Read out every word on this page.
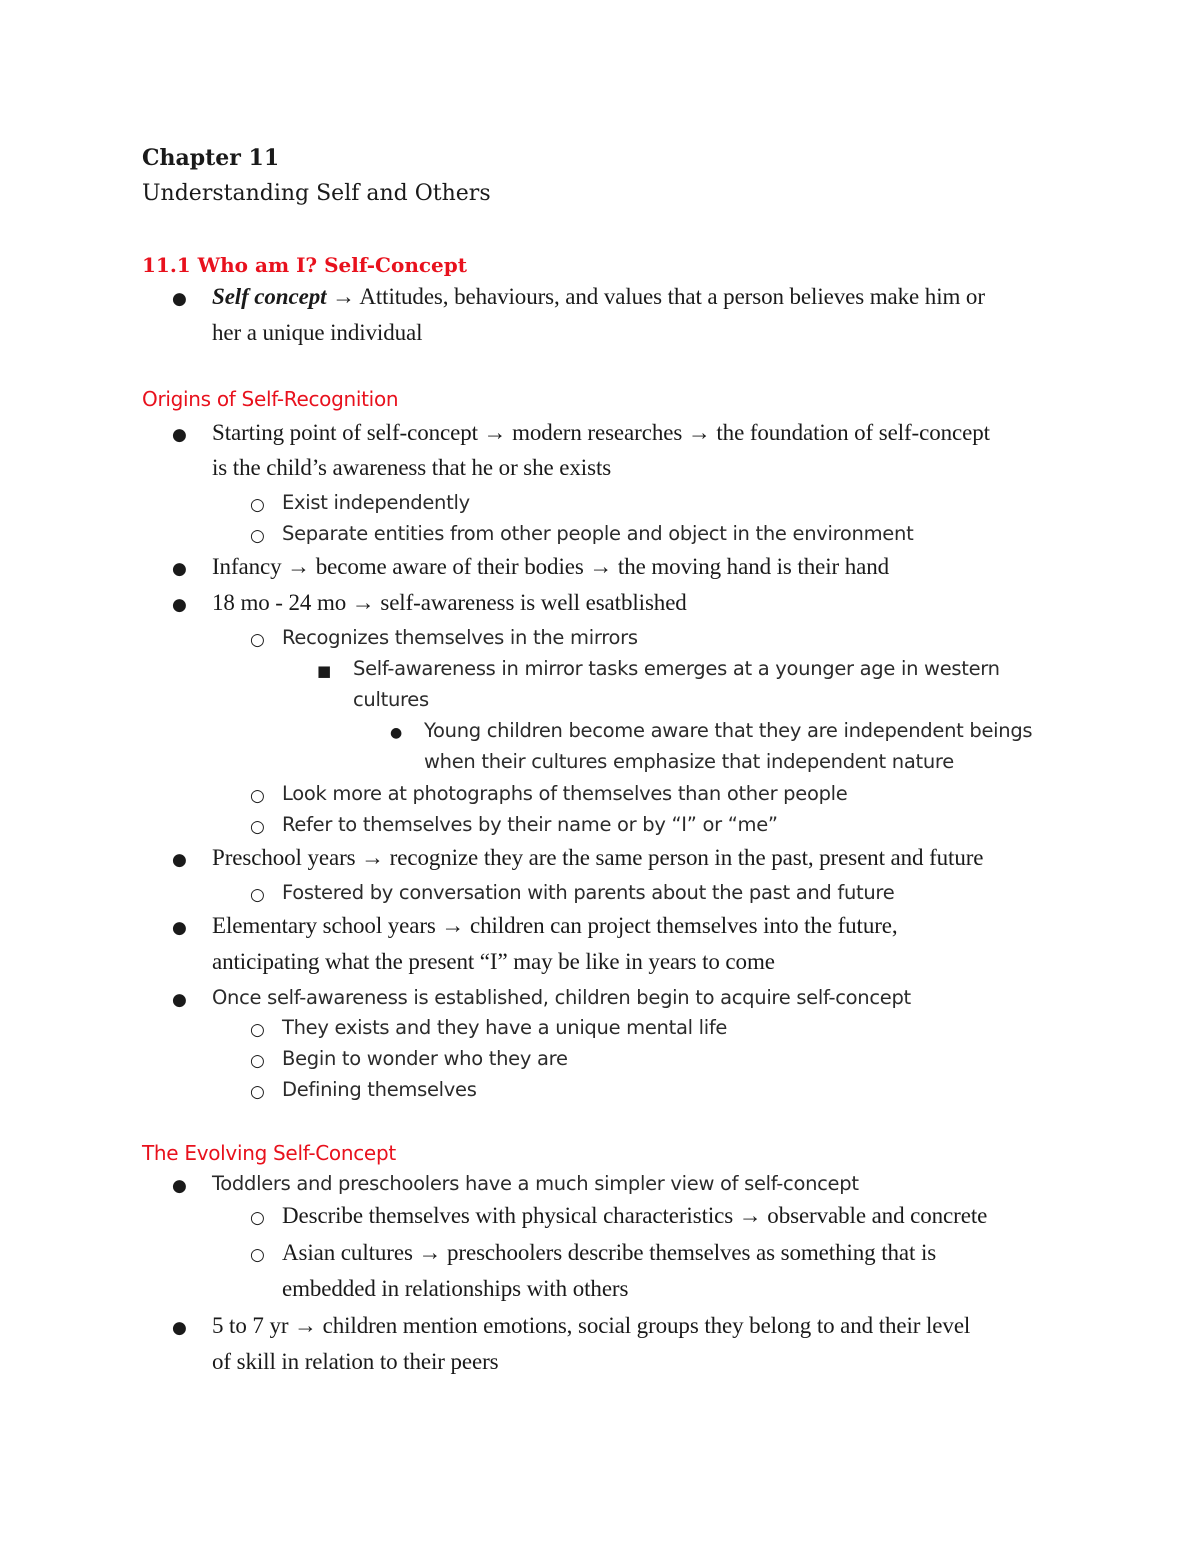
Chapter 11
Understanding Self and Others
11.1 Who am I? Self-Concept
● Self concept → Attitudes, behaviours, and values that a person believes make him or
her a unique individual
Origins of Self-Recognition
● Starting point of self-concept → modern researches → the foundation of self-concept
is the child’s awareness that he or she exists
○ Exist independently
○ Separate entities from other people and object in the environment
● Infancy → become aware of their bodies → the moving hand is their hand
● 18 mo - 24 mo → self-awareness is well esatblished
○ Recognizes themselves in the mirrors
■ Self-awareness in mirror tasks emerges at a younger age in western
cultures
● Young children become aware that they are independent beings
when their cultures emphasize that independent nature
○ Look more at photographs of themselves than other people
○ Refer to themselves by their name or by “I” or “me”
● Preschool years → recognize they are the same person in the past, present and future
○ Fostered by conversation with parents about the past and future
● Elementary school years → children can project themselves into the future,
anticipating what the present “I” may be like in years to come
● Once self-awareness is established, children begin to acquire self-concept
○ They exists and they have a unique mental life
○ Begin to wonder who they are
○ Defining themselves
The Evolving Self-Concept
● Toddlers and preschoolers have a much simpler view of self-concept
○ Describe themselves with physical characteristics → observable and concrete
○ Asian cultures → preschoolers describe themselves as something that is
embedded in relationships with others
● 5 to 7 yr → children mention emotions, social groups they belong to and their level
of skill in relation to their peers
